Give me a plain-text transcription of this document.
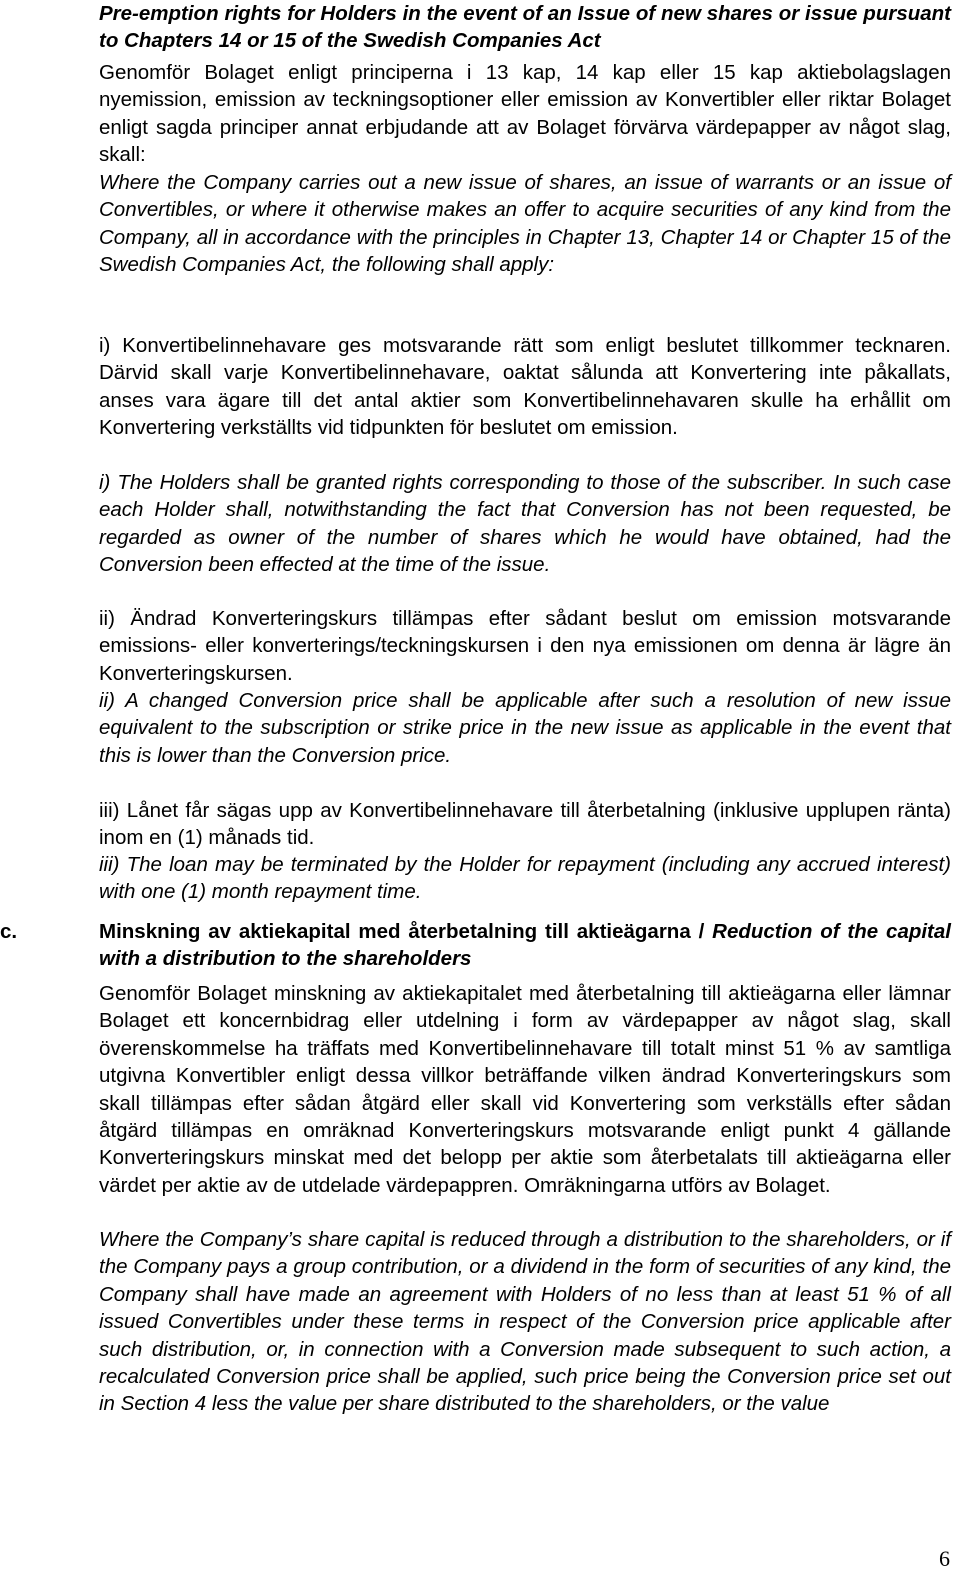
Pre-emption rights for Holders in the event of an Issue of new shares or issue pursuant to Chapters 14 or 15 of the Swedish Companies Act

Genomför Bolaget enligt principerna i 13 kap, 14 kap eller 15 kap aktiebolagslagen nyemission, emission av teckningsoptioner eller emission av Konvertibler eller riktar Bolaget enligt sagda principer annat erbjudande att av Bolaget förvärva värdepapper av något slag, skall:

Where the Company carries out a new issue of shares, an issue of warrants or an issue of Convertibles, or where it otherwise makes an offer to acquire securities of any kind from the Company, all in accordance with the principles in Chapter 13, Chapter 14 or Chapter 15 of the Swedish Companies Act, the following shall apply:

i) Konvertibelinnehavare ges motsvarande rätt som enligt beslutet tillkommer tecknaren. Därvid skall varje Konvertibelinnehavare, oaktat sålunda att Konvertering inte påkallats, anses vara ägare till det antal aktier som Konvertibelinnehavaren skulle ha erhållit om Konvertering verkställts vid tidpunkten för beslutet om emission.

i) The Holders shall be granted rights corresponding to those of the subscriber. In such case each Holder shall, notwithstanding the fact that Conversion has not been requested, be regarded as owner of the number of shares which he would have obtained, had the Conversion been effected at the time of the issue.

ii) Ändrad Konverteringskurs tillämpas efter sådant beslut om emission motsvarande emissions- eller konverterings/teckningskursen i den nya emissionen om denna är lägre än Konverteringskursen.

ii) A changed Conversion price shall be applicable after such a resolution of new issue equivalent to the subscription or strike price in the new issue as applicable in the event that this is lower than the Conversion price.

iii) Lånet får sägas upp av Konvertibelinnehavare till återbetalning (inklusive upplupen ränta) inom en (1) månads tid.

iii) The loan may be terminated by the Holder for repayment (including any accrued interest) with one (1) month repayment time.

c.	Minskning av aktiekapital med återbetalning till aktieägarna / Reduction of the capital with a distribution to the shareholders

Genomför Bolaget minskning av aktiekapitalet med återbetalning till aktieägarna eller lämnar Bolaget ett koncernbidrag eller utdelning i form av värdepapper av något slag, skall överenskommelse ha träffats med Konvertibelinnehavare till totalt minst 51 % av samtliga utgivna Konvertibler enligt dessa villkor beträffande vilken ändrad Konverteringskurs som skall tillämpas efter sådan åtgärd eller skall vid Konvertering som verkställs efter sådan åtgärd tillämpas en omräknad Konverteringskurs motsvarande enligt punkt 4 gällande Konverteringskurs minskat med det belopp per aktie som återbetalats till aktieägarna eller värdet per aktie av de utdelade värdepappren. Omräkningarna utförs av Bolaget.

Where the Company’s share capital is reduced through a distribution to the shareholders, or if the Company pays a group contribution, or a dividend in the form of securities of any kind, the Company shall have made an agreement with Holders of no less than at least 51 % of all issued Convertibles under these terms in respect of the Conversion price applicable after such distribution, or, in connection with a Conversion made subsequent to such action, a recalculated Conversion price shall be applied, such price being the Conversion price set out in Section 4 less the value per share distributed to the shareholders, or the value

6
